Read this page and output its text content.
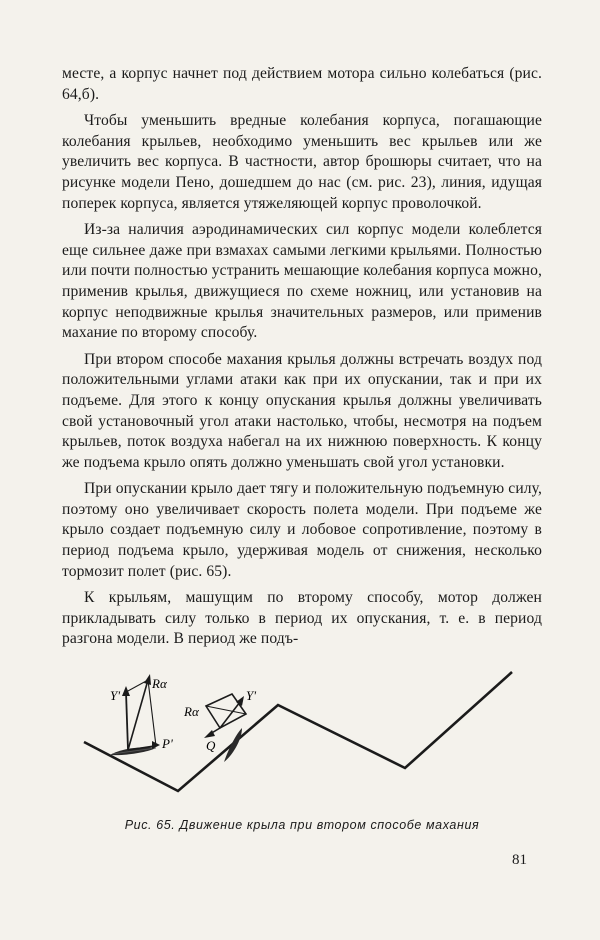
месте, а корпус начнет под действием мотора сильно колебаться (рис. 64,б).

Чтобы уменьшить вредные колебания корпуса, погашающие колебания крыльев, необходимо уменьшить вес крыльев или же увеличить вес корпуса. В частности, автор брошюры считает, что на рисунке модели Пено, дошедшем до нас (см. рис. 23), линия, идущая поперек корпуса, является утяжеляющей корпус проволочкой.

Из-за наличия аэродинамических сил корпус модели колеблется еще сильнее даже при взмахах самыми легкими крыльями. Полностью или почти полностью устранить мешающие колебания корпуса можно, применив крылья, движущиеся по схеме ножниц, или установив на корпус неподвижные крылья значительных размеров, или применив махание по второму способу.

При втором способе махания крылья должны встречать воздух под положительными углами атаки как при их опускании, так и при их подъеме. Для этого к концу опускания крылья должны увеличивать свой установочный угол атаки настолько, чтобы, несмотря на подъем крыльев, поток воздуха набегал на их нижнюю поверхность. К концу же подъема крыло опять должно уменьшать свой угол установки.

При опускании крыло дает тягу и положительную подъемную силу, поэтому оно увеличивает скорость полета модели. При подъеме же крыло создает подъемную силу и лобовое сопротивление, поэтому в период подъема крыло, удерживая модель от снижения, несколько тормозит полет (рис. 65).

К крыльям, машущим по второму способу, мотор должен прикладывать силу только в период их опускания, т. е. в период разгона модели. В период же подъ-

Y'
Rα
P'
Rα
Y'
Q
Рис. 65. Движение крыла при втором способе махания
81
